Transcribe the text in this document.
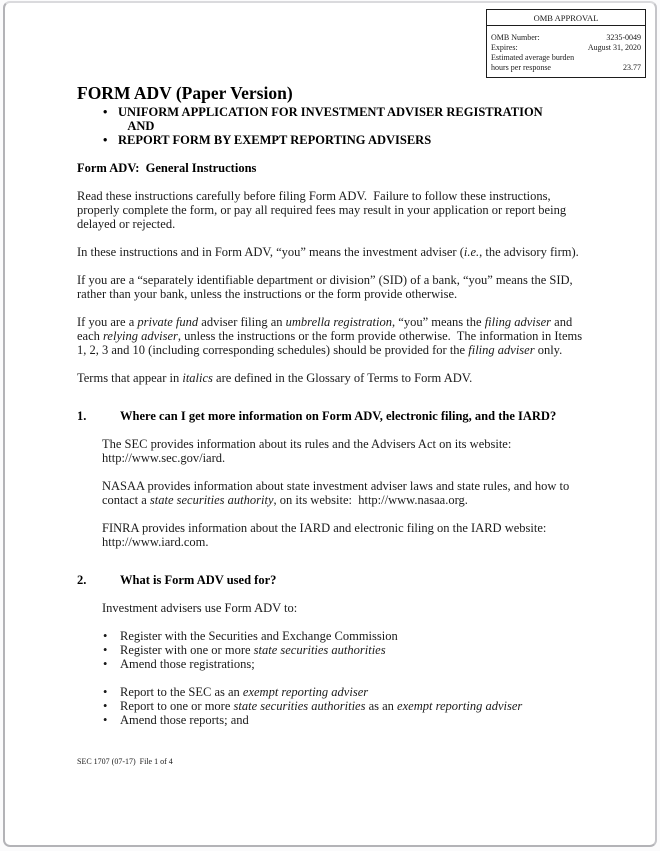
OMB APPROVAL
OMB Number:	3235-0049
Expires:	August 31, 2020
Estimated average burden
hours per response	23.77
FORM ADV (Paper Version)
• UNIFORM APPLICATION FOR INVESTMENT ADVISER REGISTRATION
AND
• REPORT FORM BY EXEMPT REPORTING ADVISERS
Form ADV:  General Instructions

Read these instructions carefully before filing Form ADV.  Failure to follow these instructions, properly complete the form, or pay all required fees may result in your application or report being delayed or rejected.

In these instructions and in Form ADV, “you” means the investment adviser (i.e., the advisory firm).

If you are a “separately identifiable department or division” (SID) of a bank, “you” means the SID, rather than your bank, unless the instructions or the form provide otherwise.

If you are a private fund adviser filing an umbrella registration, “you” means the filing adviser and each relying adviser, unless the instructions or the form provide otherwise.  The information in Items 1, 2, 3 and 10 (including corresponding schedules) should be provided for the filing adviser only.

Terms that appear in italics are defined in the Glossary of Terms to Form ADV.

1.	Where can I get more information on Form ADV, electronic filing, and the IARD?

The SEC provides information about its rules and the Advisers Act on its website: http://www.sec.gov/iard.

NASAA provides information about state investment adviser laws and state rules, and how to contact a state securities authority, on its website:  http://www.nasaa.org.

FINRA provides information about the IARD and electronic filing on the IARD website: http://www.iard.com.

2.	What is Form ADV used for?

Investment advisers use Form ADV to:

• Register with the Securities and Exchange Commission
• Register with one or more state securities authorities
• Amend those registrations;
• Report to the SEC as an exempt reporting adviser
• Report to one or more state securities authorities as an exempt reporting adviser
• Amend those reports; and
SEC 1707 (07-17)  File 1 of 4
